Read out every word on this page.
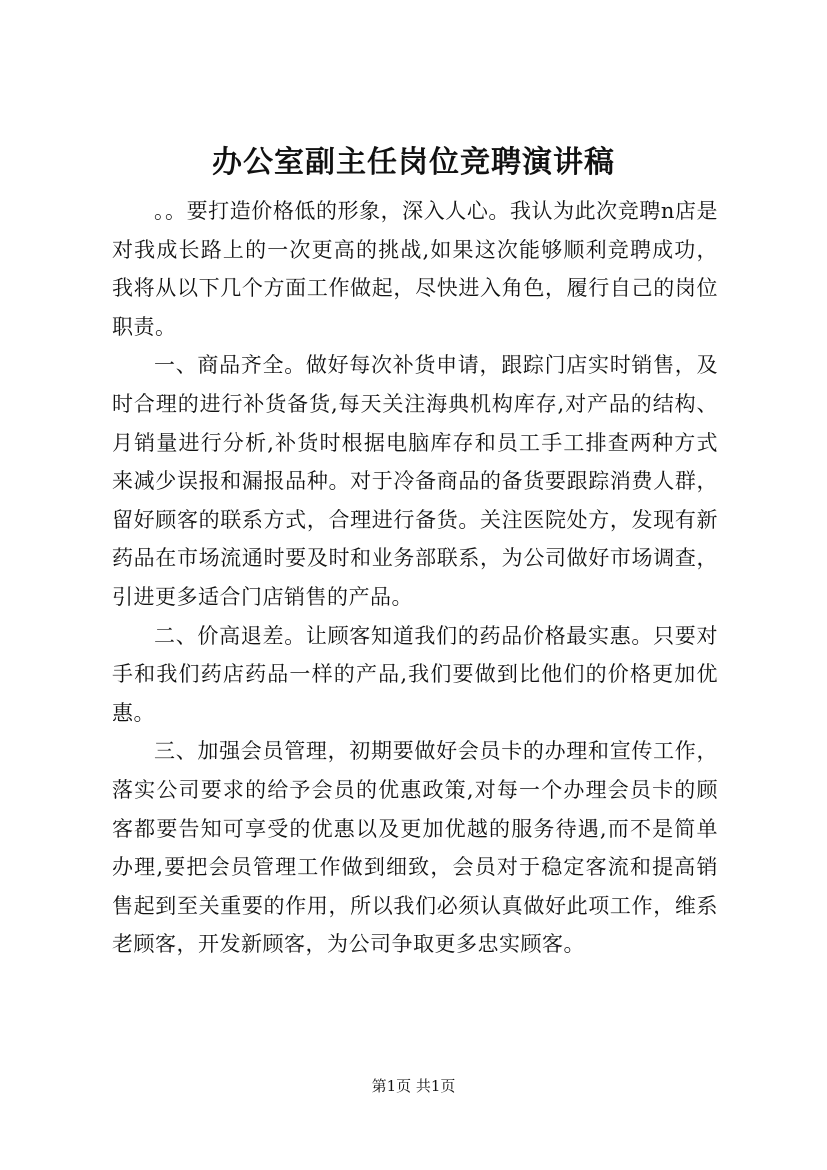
办公室副主任岗位竞聘演讲稿

。。要打造价格低的形象，深入人心。我认为此次竞聘n店是对我成长路上的一次更高的挑战,如果这次能够顺利竞聘成功，我将从以下几个方面工作做起，尽快进入角色，履行自己的岗位职责。

一、商品齐全。做好每次补货申请，跟踪门店实时销售，及时合理的进行补货备货,每天关注海典机构库存,对产品的结构、月销量进行分析,补货时根据电脑库存和员工手工排查两种方式来减少误报和漏报品种。对于冷备商品的备货要跟踪消费人群，留好顾客的联系方式，合理进行备货。关注医院处方，发现有新药品在市场流通时要及时和业务部联系，为公司做好市场调查，引进更多适合门店销售的产品。

二、价高退差。让顾客知道我们的药品价格最实惠。只要对手和我们药店药品一样的产品,我们要做到比他们的价格更加优惠。

三、加强会员管理，初期要做好会员卡的办理和宣传工作，落实公司要求的给予会员的优惠政策,对每一个办理会员卡的顾客都要告知可享受的优惠以及更加优越的服务待遇,而不是简单办理,要把会员管理工作做到细致，会员对于稳定客流和提高销售起到至关重要的作用，所以我们必须认真做好此项工作，维系老顾客，开发新顾客，为公司争取更多忠实顾客。

第1页 共1页
